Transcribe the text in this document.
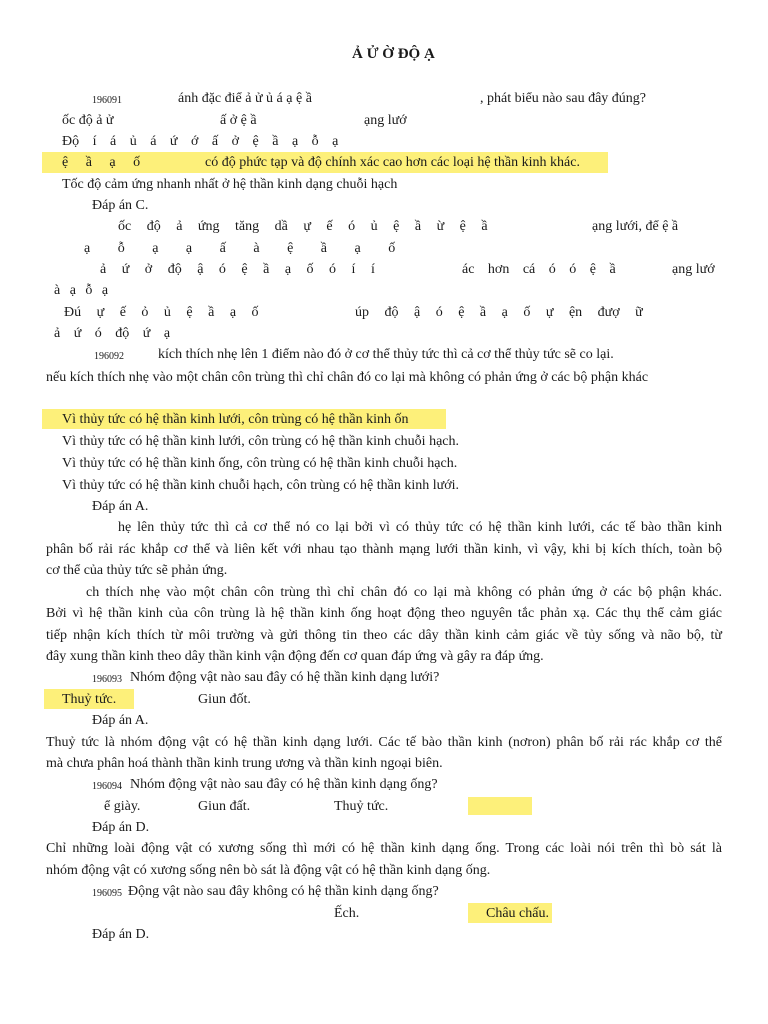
Ả Ử Ờ ĐỘ Ạ
196091	ánh đặc điể ả ử ủ á ạ ệ ầ	, phát biểu nào sau đây đúng?
ốc độ ả ử	ấ ở ệ ầ	ạng lướ
Độ í á ủ á ứ ớ ấ ở ệ ầ ạ ỗ ạ
ệ ầ ạ ố	có độ phức tạp và độ chính xác cao hơn các loại hệ thần kinh khác.
Tốc độ cảm ứng nhanh nhất ở hệ thần kinh dạng chuỗi hạch
Đáp án C.
ốc độ ả ứng tăng dầ ự ế ó ủ ệ ầ ừ ệ ầ	ạng lưới, để ệ ầ
ạ ỗ ạ ạ ấ à ệ ầ ạ ố
ả ứ ở độ ậ ó ệ ầ ạ ố ó í í	ác hơn cá ó ó ệ ầ	ạng lướ
à ạ ỗ ạ
Đú ự ế ỏ ủ ệ ầ ạ ố	úp độ ậ ó ệ ầ ạ ố ự ện đượ ữ
ả ứ ó độ ứ ạ
196092 kích thích nhẹ lên 1 điểm nào đó ở cơ thể thủy tức thì cả cơ thể thủy tức sẽ co lại.
nếu kích thích nhẹ vào một chân côn trùng thì chỉ chân đó co lại mà không có phản ứng ở các bộ phận khác
Vì thủy tức có hệ thần kinh lưới, côn trùng có hệ thần kinh ốn
Vì thủy tức có hệ thần kinh lưới, côn trùng có hệ thần kinh chuỗi hạch.
Vì thủy tức có hệ thần kinh ống, côn trùng có hệ thần kinh chuỗi hạch.
Vì thủy tức có hệ thần kinh chuỗi hạch, côn trùng có hệ thần kinh lưới.
Đáp án A.
hẹ lên thủy tức thì cả cơ thể nó co lại bởi vì có thủy tức có hệ thần kinh lưới, các tế bào thần kinh
phân bố rải rác khắp cơ thể và liên kết với nhau tạo thành mạng lưới thần kinh, vì vậy, khi bị kích thích, toàn bộ
cơ thể của thủy tức sẽ phản ứng.
ch thích nhẹ vào một chân côn trùng thì chỉ chân đó co lại mà không có phản ứng ở các bộ phận khác.
Bởi vì hệ thần kinh của côn trùng là hệ thần kinh ống hoạt động theo nguyên tắc phản xạ. Các thụ thể cảm giác
tiếp nhận kích thích từ môi trường và gửi thông tin theo các dây thần kinh cảm giác về tủy sống và não bộ, từ
đây xung thần kinh theo dây thần kinh vận động đến cơ quan đáp ứng và gây ra đáp ứng.
196093 Nhóm động vật nào sau đây có hệ thần kinh dạng lưới?
Thuỷ tức.	Giun đốt.
Đáp án A.
Thuỷ tức là nhóm động vật có hệ thần kinh dạng lưới. Các tế bào thần kinh (nơron) phân bố rải rác khắp cơ thể
mà chưa phân hoá thành thần kinh trung ương và thần kinh ngoại biên.
196094 Nhóm động vật nào sau đây có hệ thần kinh dạng ống?
ể giày.	Giun đất.	Thuỷ tức.
Đáp án D.
Chỉ những loài động vật có xương sống thì mới có hệ thần kinh dạng ống. Trong các loài nói trên thì bò sát là
nhóm động vật có xương sống nên bò sát là động vật có hệ thần kinh dạng ống.
196095 Động vật nào sau đây không có hệ thần kinh dạng ống?
Ếch.	Châu chấu.
Đáp án D.
